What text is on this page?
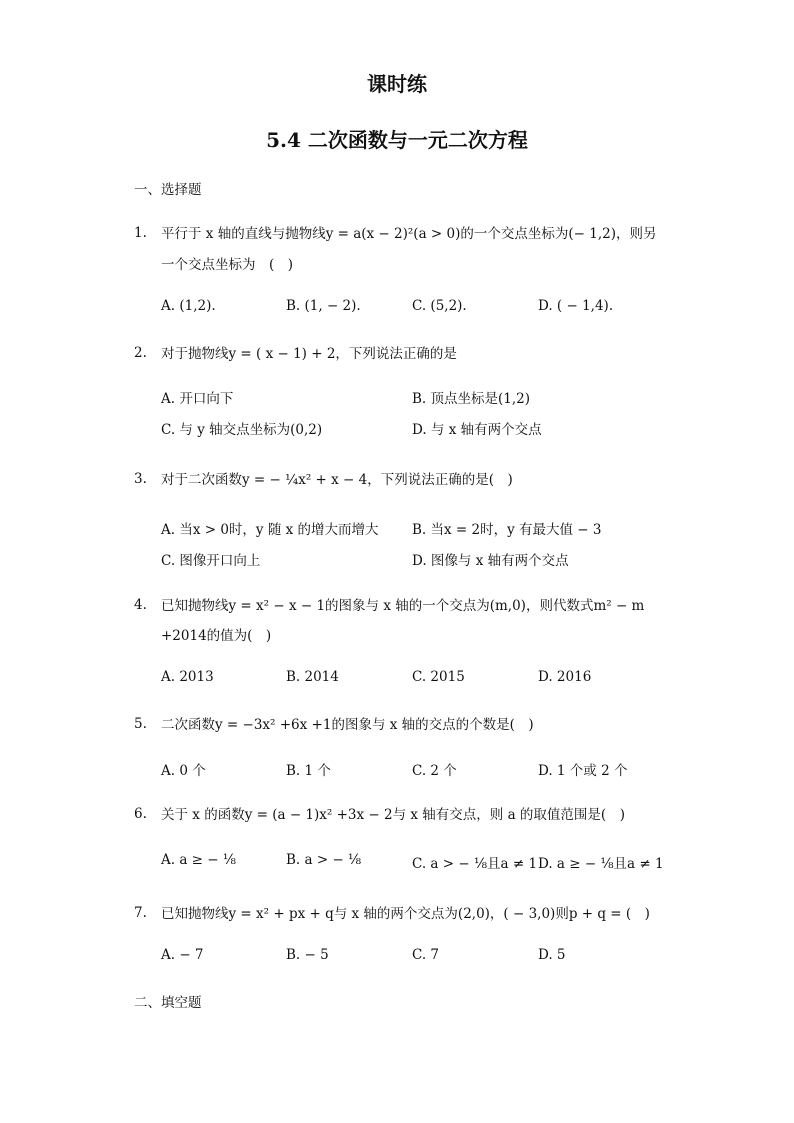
课时练
5.4 二次函数与一元二次方程
一、选择题
1. 平行于 x 轴的直线与抛物线y = a(x − 2)²(a > 0)的一个交点坐标为(− 1,2)，则另
一个交点坐标为　(　)
A. (1,2).	B. (1, − 2).	C. (5,2).	D. ( − 1,4).
2. 对于抛物线y = ( x − 1) + 2，下列说法正确的是
A. 开口向下	B. 顶点坐标是(1,2)
C. 与 y 轴交点坐标为(0,2)	D. 与 x 轴有两个交点
3. 对于二次函数y = − ¼x² + x − 4，下列说法正确的是(　)
A. 当x > 0时，y 随 x 的增大而增大 B. 当x = 2时，y 有最大值 − 3
C. 图像开口向上	D. 图像与 x 轴有两个交点
4. 已知抛物线y = x² − x − 1的图象与 x 轴的一个交点为(m,0)，则代数式m² − m
+2014的值为(　)
A. 2013	B. 2014	C. 2015	D. 2016
5. 二次函数y = −3x² +6x +1的图象与 x 轴的交点的个数是(　)
A. 0 个	B. 1 个	C. 2 个	D. 1 个或 2 个
6. 关于 x 的函数y = (a − 1)x² +3x − 2与 x 轴有交点，则 a 的取值范围是(　)
A. a ≥ − ⅛	B. a > − ⅛	C. a > − ⅛且a ≠ 1 D. a ≥ − ⅛且a ≠ 1
7. 已知抛物线y = x² + px + q与 x 轴的两个交点为(2,0)，( − 3,0)则p + q = (　)
A. − 7	B. − 5	C. 7	D. 5
二、填空题
